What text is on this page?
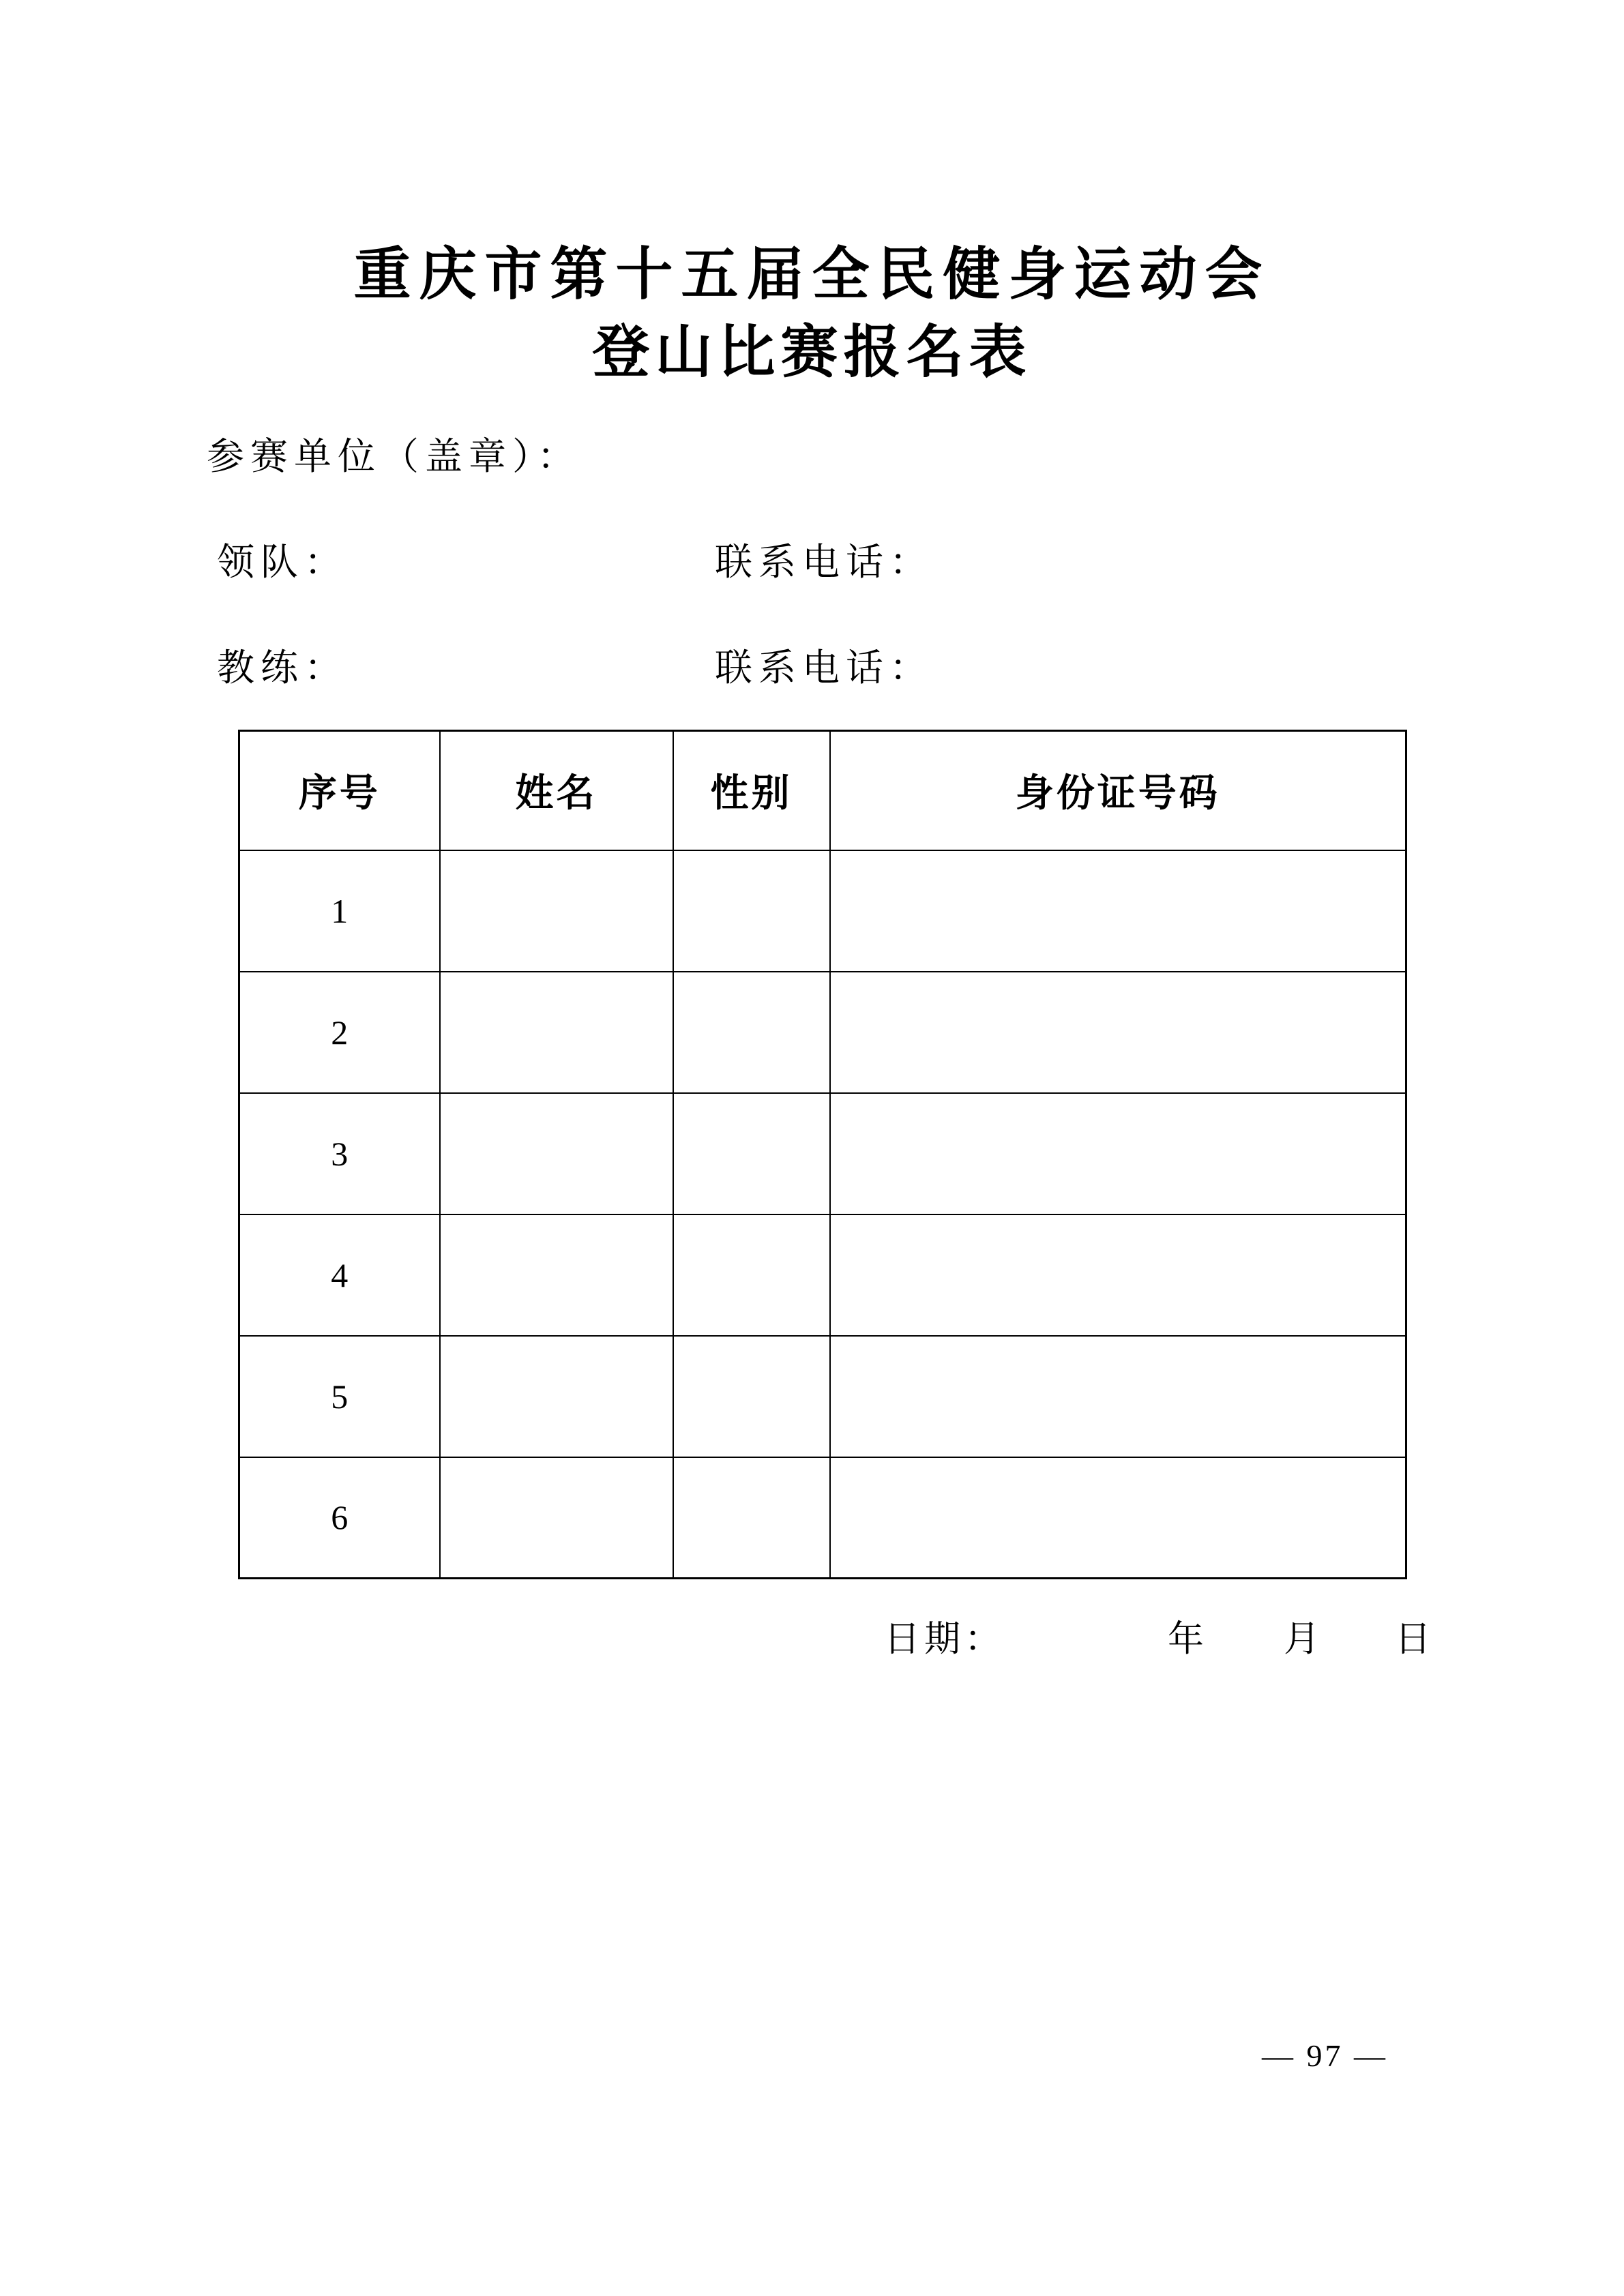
重庆市第十五届全民健身运动会
登山比赛报名表
参赛单位（盖章）：
领队：	联系电话：
教练：	联系电话：
序号	姓名	性别	身份证号码
1			
2			
3			
4			
5			
6			
日期：	年 月 日
— 97 —
